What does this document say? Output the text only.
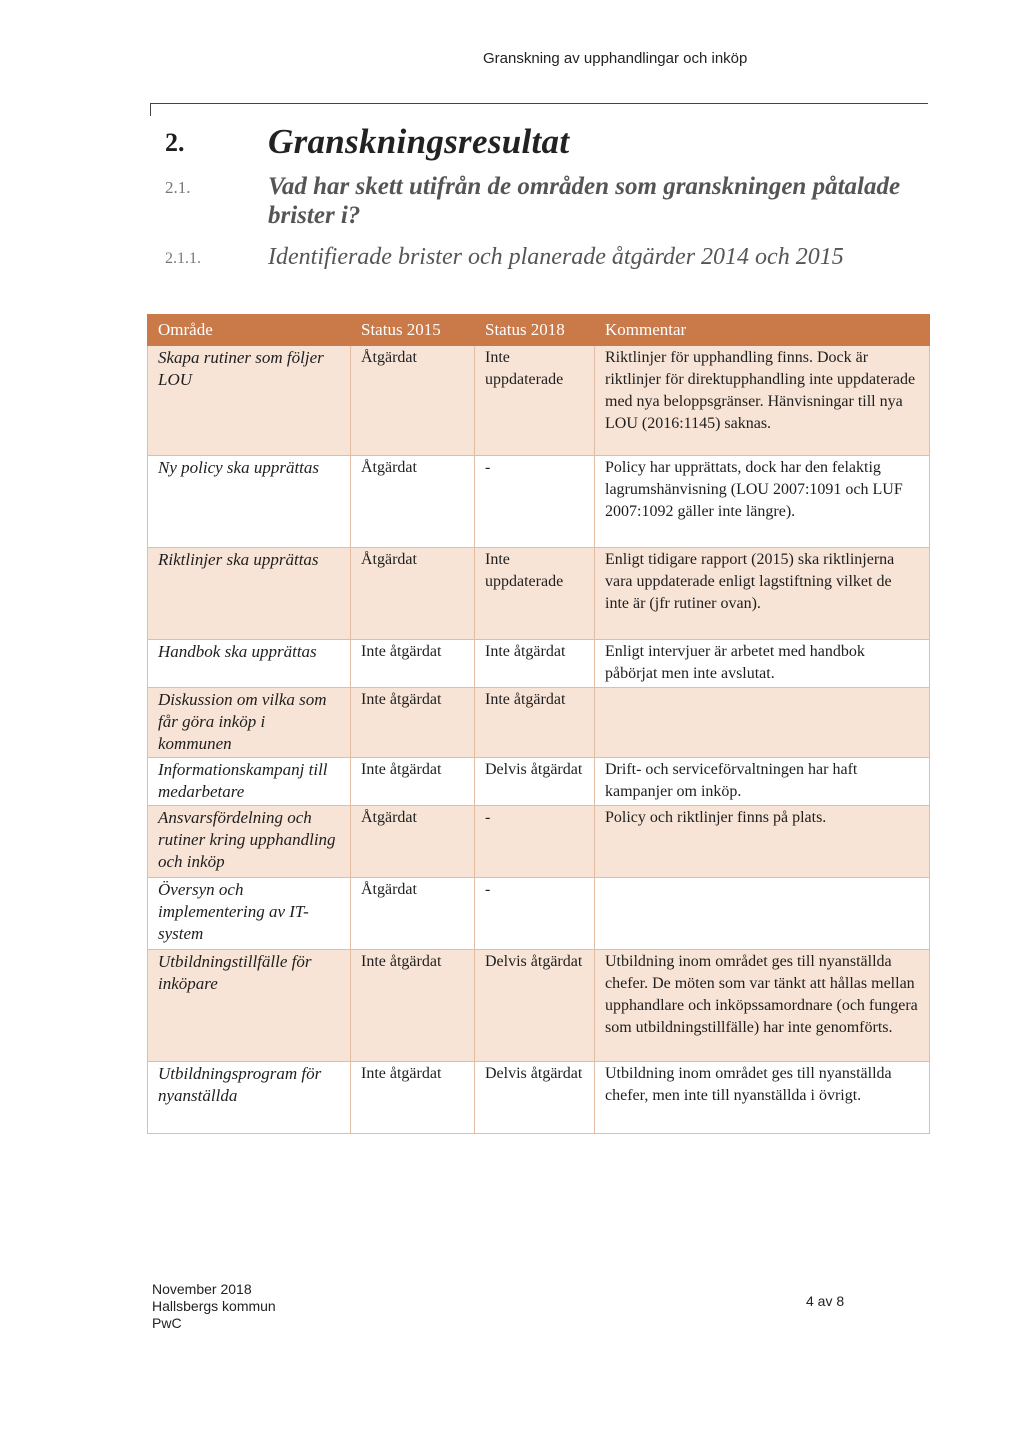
Granskning av upphandlingar och inköp
2. Granskningsresultat
2.1.	Vad har skett utifrån de områden som granskningen påtalade brister i?
2.1.1.	Identifierade brister och planerade åtgärder 2014 och 2015
Område	Status 2015	Status 2018	Kommentar
Skapa rutiner som följer LOU	Åtgärdat	Inte uppdaterade	Riktlinjer för upphandling finns. Dock är riktlinjer för direktupphandling inte uppdaterade med nya beloppsgränser. Hänvisningar till nya LOU (2016:1145) saknas.
Ny policy ska upprättas	Åtgärdat	-	Policy har upprättats, dock har den felaktig lagrumshänvisning (LOU 2007:1091 och LUF 2007:1092 gäller inte längre).
Riktlinjer ska upprättas	Åtgärdat	Inte uppdaterade	Enligt tidigare rapport (2015) ska riktlinjerna vara uppdaterade enligt lagstiftning vilket de inte är (jfr rutiner ovan).
Handbok ska upprättas	Inte åtgärdat	Inte åtgärdat	Enligt intervjuer är arbetet med handbok påbörjat men inte avslutat.
Diskussion om vilka som får göra inköp i kommunen	Inte åtgärdat	Inte åtgärdat	
Informationskampanj till medarbetare	Inte åtgärdat	Delvis åtgärdat	Drift- och serviceförvaltningen har haft kampanjer om inköp.
Ansvarsfördelning och rutiner kring upphandling och inköp	Åtgärdat	-	Policy och riktlinjer finns på plats.
Översyn och implementering av IT-system	Åtgärdat	-	
Utbildningstillfälle för inköpare	Inte åtgärdat	Delvis åtgärdat	Utbildning inom området ges till nyanställda chefer. De möten som var tänkt att hållas mellan upphandlare och inköpssamordnare (och fungera som utbildningstillfälle) har inte genomförts.
Utbildningsprogram för nyanställda	Inte åtgärdat	Delvis åtgärdat	Utbildning inom området ges till nyanställda chefer, men inte till nyanställda i övrigt.
November 2018
Hallsbergs kommun
PwC
4 av 8
